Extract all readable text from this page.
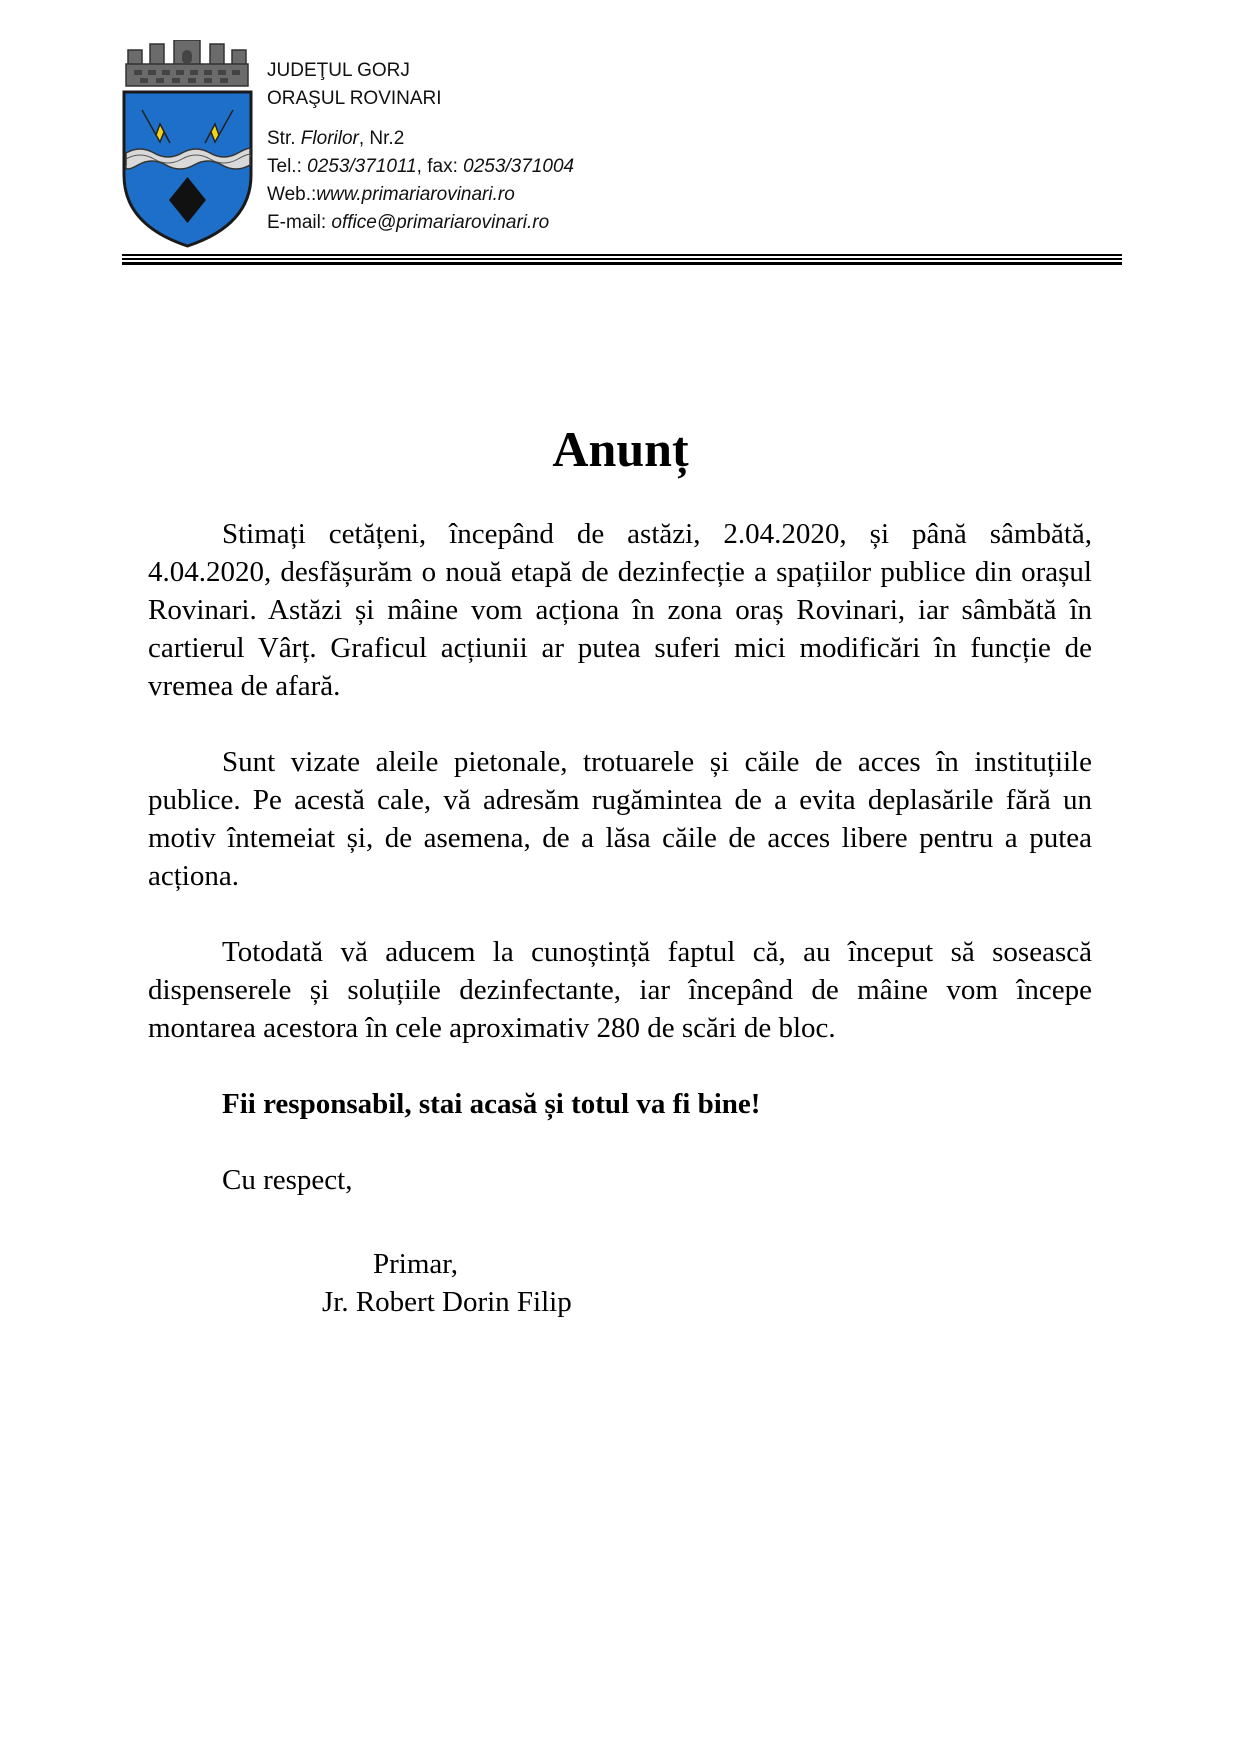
JUDEŢUL GORJ
ORAŞUL ROVINARI
Str. Florilor, Nr.2
Tel.: 0253/371011, fax: 0253/371004
Web.:www.primariarovinari.ro
E-mail: office@primariarovinari.ro
Anunț

Stimați cetățeni, începând de astăzi, 2.04.2020, și până sâmbătă, 4.04.2020, desfășurăm o nouă etapă de dezinfecție a spațiilor publice din orașul Rovinari. Astăzi și mâine vom acționa în zona oraș Rovinari, iar sâmbătă în cartierul Vârț. Graficul acțiunii ar putea suferi mici modificări în funcție de vremea de afară.

Sunt vizate aleile pietonale, trotuarele și căile de acces în instituțiile publice. Pe acestă cale, vă adresăm rugămintea de a evita deplasările fără un motiv întemeiat și, de asemena, de a lăsa căile de acces libere pentru a putea acționa.

Totodată vă aducem la cunoștință faptul că, au început să sosească dispenserele și soluțiile dezinfectante, iar începând de mâine vom începe montarea acestora în cele aproximativ 280 de scări de bloc.

Fii responsabil, stai acasă și totul va fi bine!

Cu respect,

Primar,
Jr. Robert Dorin Filip
